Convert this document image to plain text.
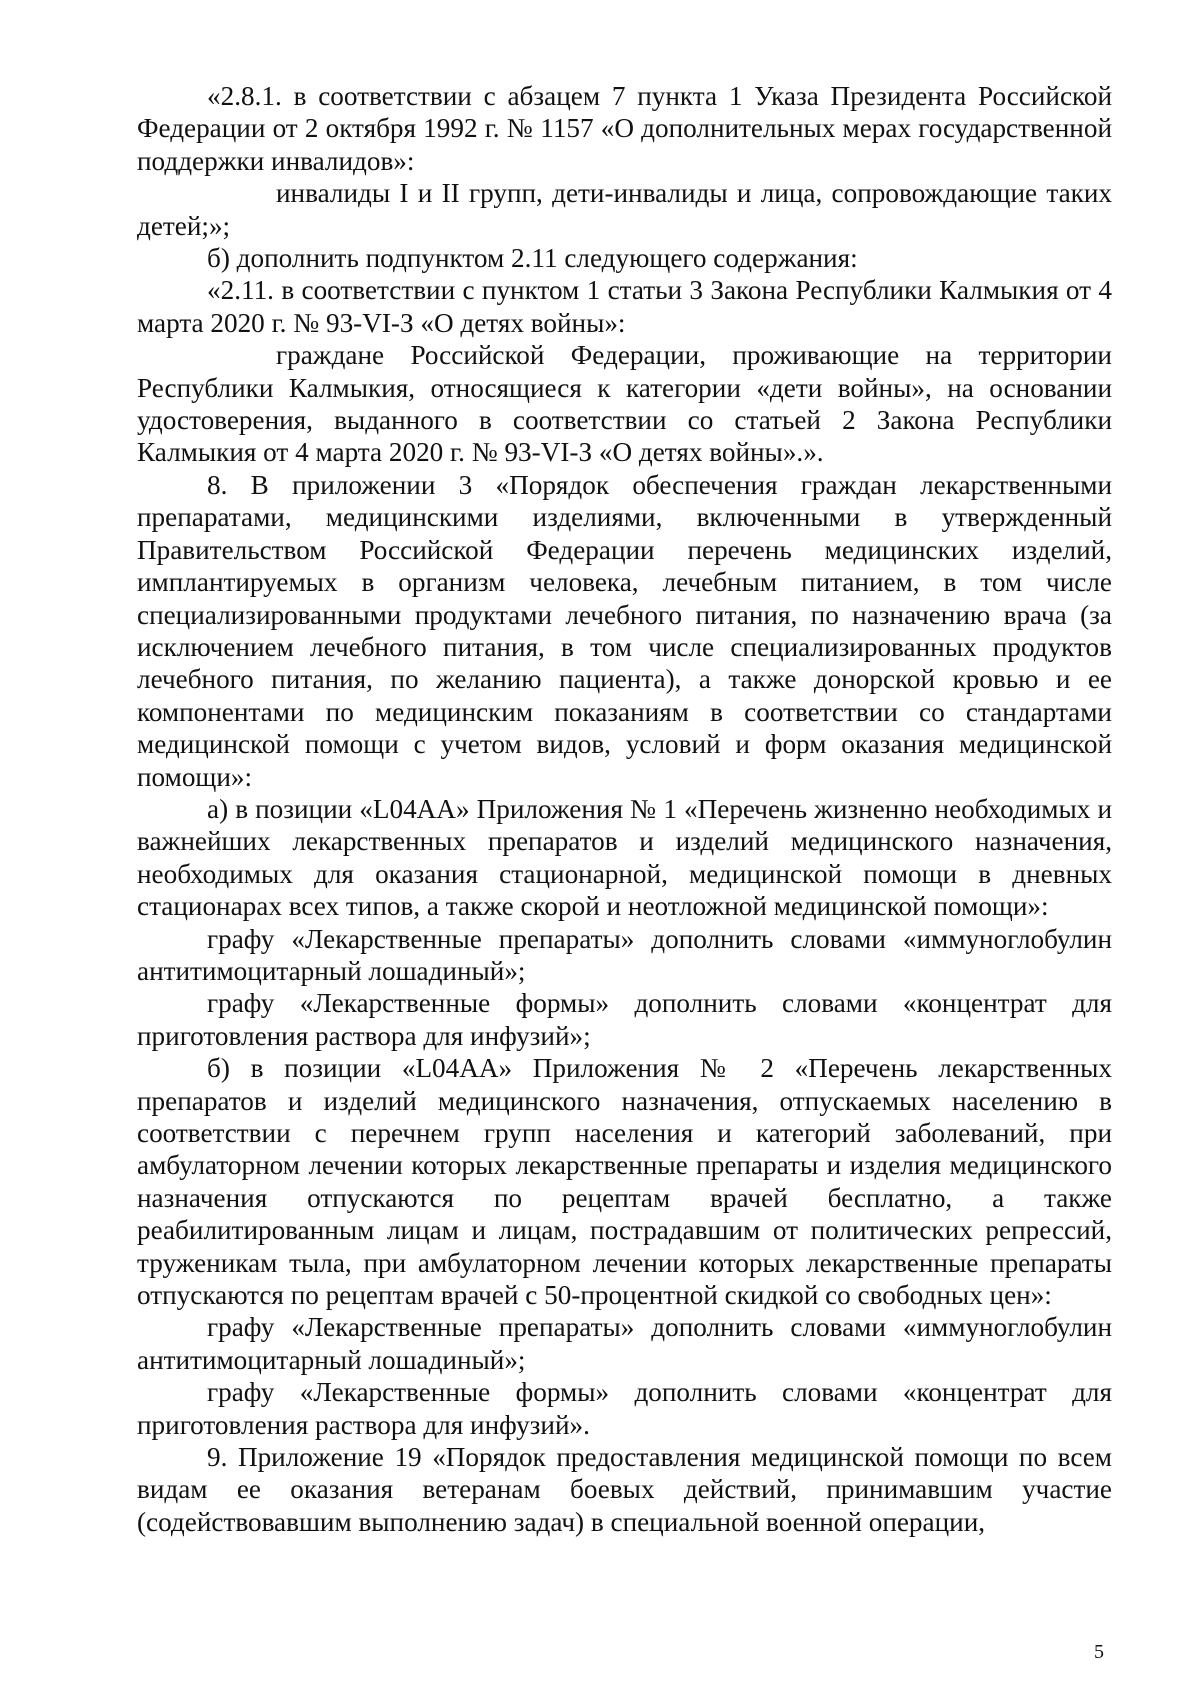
«2.8.1. в соответствии с абзацем 7 пункта 1 Указа Президента Российской Федерации от 2 октября 1992 г. № 1157 «О дополнительных мерах государственной поддержки инвалидов»:

инвалиды I и II групп, дети-инвалиды и лица, сопровождающие таких детей;»;

б) дополнить подпунктом 2.11 следующего содержания:

«2.11. в соответствии с пунктом 1 статьи 3 Закона Республики Калмыкия от 4 марта 2020 г. № 93-VI-З «О детях войны»:

граждане Российской Федерации, проживающие на территории Республики Калмыкия, относящиеся к категории «дети войны», на основании удостоверения, выданного в соответствии со статьей 2 Закона Республики Калмыкия от 4 марта 2020 г. № 93-VI-З «О детях войны».».

8. В приложении 3 «Порядок обеспечения граждан лекарственными препаратами, медицинскими изделиями, включенными в утвержденный Правительством Российской Федерации перечень медицинских изделий, имплантируемых в организм человека, лечебным питанием, в том числе специализированными продуктами лечебного питания, по назначению врача (за исключением лечебного питания, в том числе специализированных продуктов лечебного питания, по желанию пациента), а также донорской кровью и ее компонентами по медицинским показаниям в соответствии со стандартами медицинской помощи с учетом видов, условий и форм оказания медицинской помощи»:

а) в позиции «L04AA» Приложения № 1 «Перечень жизненно необходимых и важнейших лекарственных препаратов и изделий медицинского назначения, необходимых для оказания стационарной, медицинской помощи в дневных стационарах всех типов, а также скорой и неотложной медицинской помощи»:

графу «Лекарственные препараты» дополнить словами «иммуноглобулин антитимоцитарный лошадиный»;

графу «Лекарственные формы» дополнить словами «концентрат для приготовления раствора для инфузий»;

б) в позиции «L04AA» Приложения № 2 «Перечень лекарственных препаратов и изделий медицинского назначения, отпускаемых населению в соответствии с перечнем групп населения и категорий заболеваний, при амбулаторном лечении которых лекарственные препараты и изделия медицинского назначения отпускаются по рецептам врачей бесплатно, а также реабилитированным лицам и лицам, пострадавшим от политических репрессий, труженикам тыла, при амбулаторном лечении которых лекарственные препараты отпускаются по рецептам врачей с 50-процентной скидкой со свободных цен»:

графу «Лекарственные препараты» дополнить словами «иммуноглобулин антитимоцитарный лошадиный»;

графу «Лекарственные формы» дополнить словами «концентрат для приготовления раствора для инфузий».

9. Приложение 19 «Порядок предоставления медицинской помощи по всем видам ее оказания ветеранам боевых действий, принимавшим участие (содействовавшим выполнению задач) в специальной военной операции,

5
